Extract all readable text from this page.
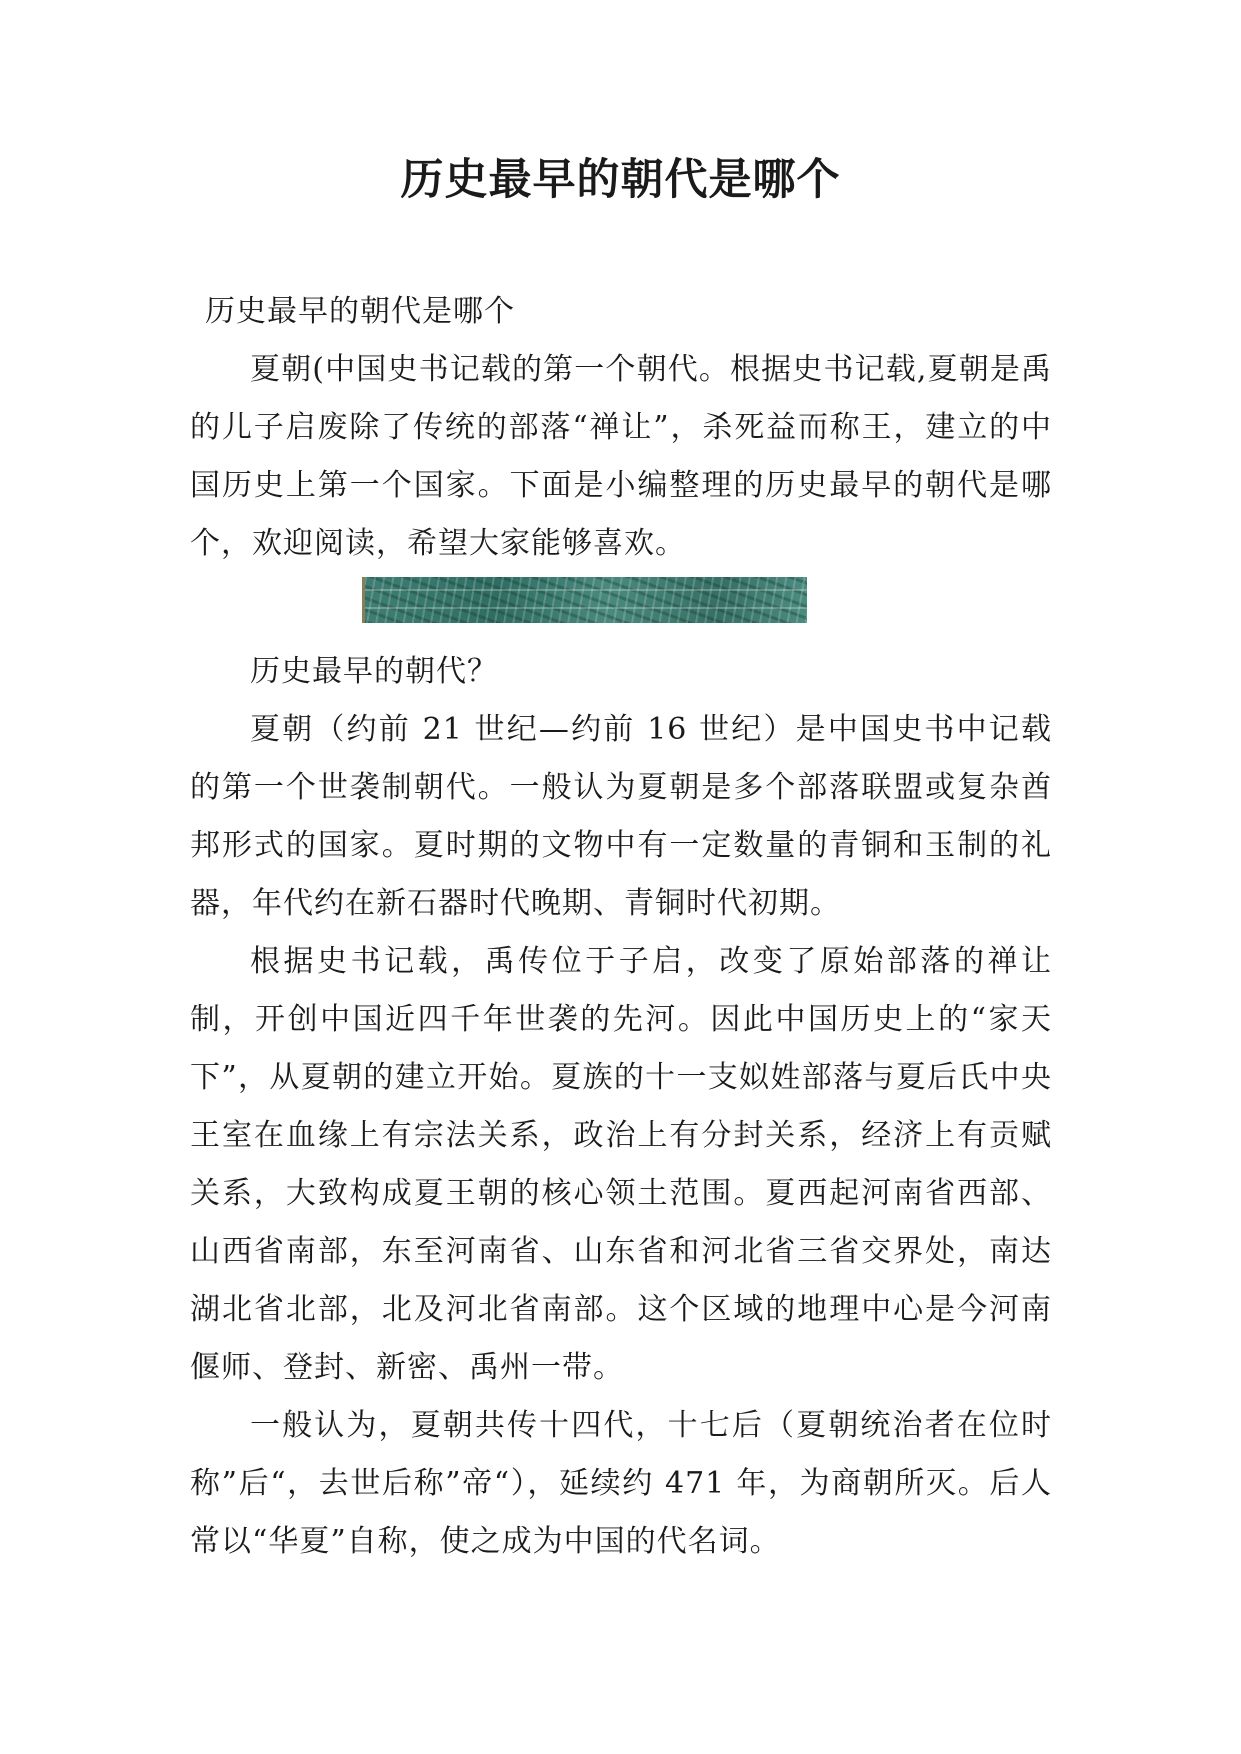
历史最早的朝代是哪个

历史最早的朝代是哪个

夏朝(中国史书记载的第一个朝代。根据史书记载,夏朝是禹的儿子启废除了传统的部落“禅让”，杀死益而称王，建立的中国历史上第一个国家。下面是小编整理的历史最早的朝代是哪个，欢迎阅读，希望大家能够喜欢。

历史最早的朝代？

夏朝（约前 21 世纪—约前 16 世纪）是中国史书中记载的第一个世袭制朝代。一般认为夏朝是多个部落联盟或复杂酋邦形式的国家。夏时期的文物中有一定数量的青铜和玉制的礼器，年代约在新石器时代晚期、青铜时代初期。

根据史书记载，禹传位于子启，改变了原始部落的禅让制，开创中国近四千年世袭的先河。因此中国历史上的“家天下”，从夏朝的建立开始。夏族的十一支姒姓部落与夏后氏中央王室在血缘上有宗法关系，政治上有分封关系，经济上有贡赋关系，大致构成夏王朝的核心领土范围。夏西起河南省西部、山西省南部，东至河南省、山东省和河北省三省交界处，南达湖北省北部，北及河北省南部。这个区域的地理中心是今河南偃师、登封、新密、禹州一带。

一般认为，夏朝共传十四代，十七后（夏朝统治者在位时称”后“，去世后称”帝“），延续约 471 年，为商朝所灭。后人常以“华夏”自称，使之成为中国的代名词。
